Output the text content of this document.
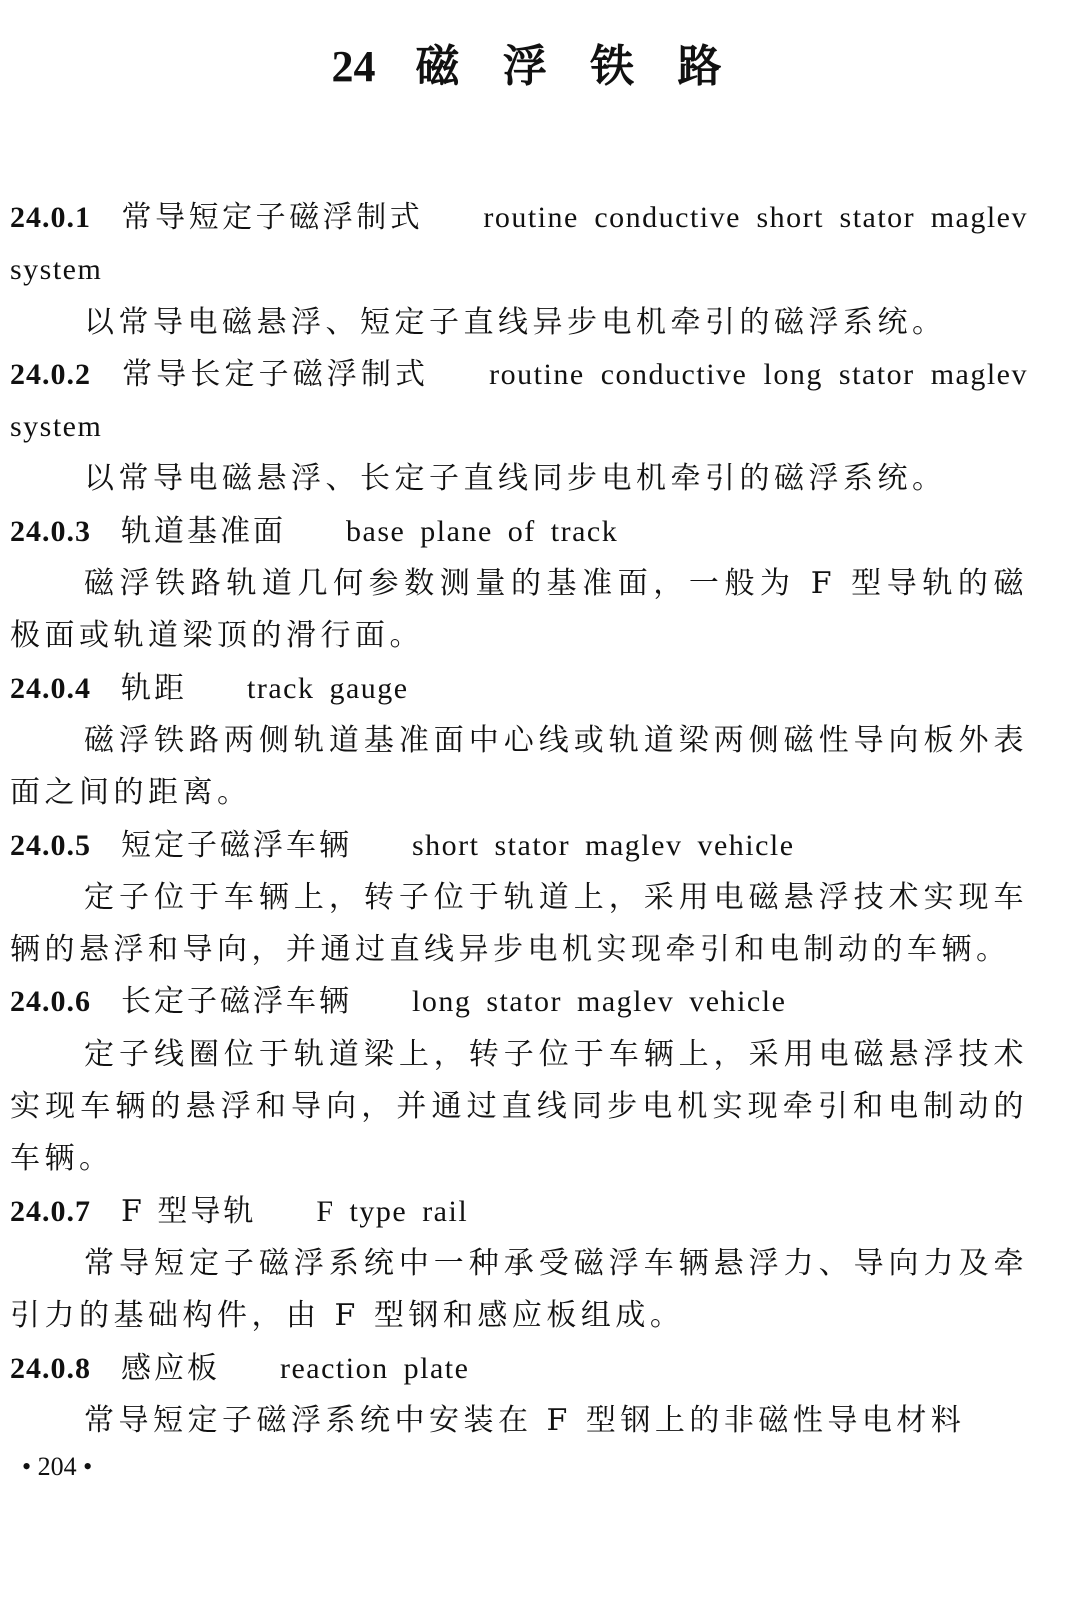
24 磁 浮 铁 路
24.0.1 常导短定子磁浮制式 routine conductive short stator maglev system
以常导电磁悬浮、短定子直线异步电机牵引的磁浮系统。
24.0.2 常导长定子磁浮制式 routine conductive long stator maglev system
以常导电磁悬浮、长定子直线同步电机牵引的磁浮系统。
24.0.3 轨道基准面 base plane of track
磁浮铁路轨道几何参数测量的基准面，一般为 F 型导轨的磁极面或轨道梁顶的滑行面。
24.0.4 轨距 track gauge
磁浮铁路两侧轨道基准面中心线或轨道梁两侧磁性导向板外表面之间的距离。
24.0.5 短定子磁浮车辆 short stator maglev vehicle
定子位于车辆上，转子位于轨道上，采用电磁悬浮技术实现车辆的悬浮和导向，并通过直线异步电机实现牵引和电制动的车辆。
24.0.6 长定子磁浮车辆 long stator maglev vehicle
定子线圈位于轨道梁上，转子位于车辆上，采用电磁悬浮技术实现车辆的悬浮和导向，并通过直线同步电机实现牵引和电制动的车辆。
24.0.7 F 型导轨 F type rail
常导短定子磁浮系统中一种承受磁浮车辆悬浮力、导向力及牵引力的基础构件，由 F 型钢和感应板组成。
24.0.8 感应板 reaction plate
常导短定子磁浮系统中安装在 F 型钢上的非磁性导电材料
• 204 •
